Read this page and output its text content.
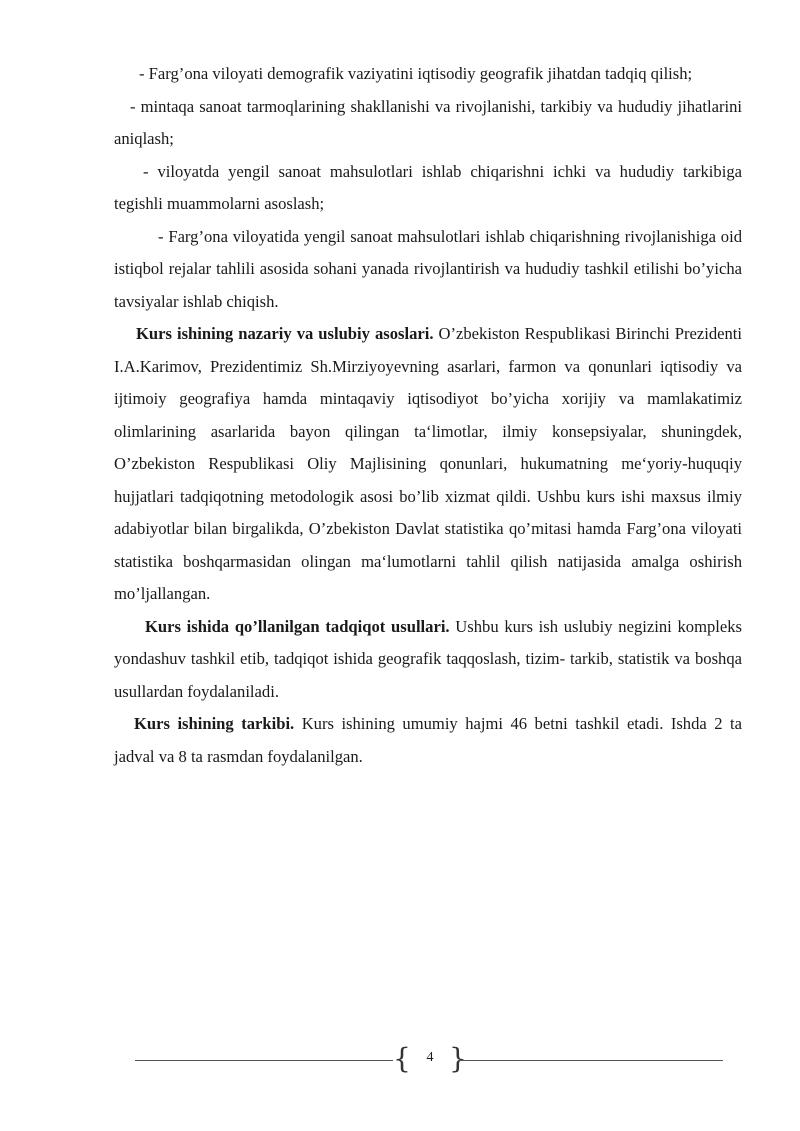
- Farg’ona viloyati demografik vaziyatini iqtisodiy geografik jihatdan tadqiq qilish;

- mintaqa sanoat tarmoqlarining shakllanishi va rivojlanishi, tarkibiy va hududiy jihatlarini aniqlash;

- viloyatda yengil sanoat mahsulotlari ishlab chiqarishni ichki va hududiy tarkibiga tegishli muammolarni asoslash;

- Farg’ona viloyatida yengil sanoat mahsulotlari ishlab chiqarishning rivojlanishiga oid istiqbol rejalar tahlili asosida sohani yanada rivojlantirish va hududiy tashkil etilishi bo’yicha tavsiyalar ishlab chiqish.

Kurs ishining nazariy va uslubiy asoslari. O’zbekiston Respublikasi Birinchi Prezidenti I.A.Karimov, Prezidentimiz Sh.Mirziyoyevning asarlari, farmon va qonunlari iqtisodiy va ijtimoiy geografiya hamda mintaqaviy iqtisodiyot bo’yicha xorijiy va mamlakatimiz olimlarining asarlarida bayon qilingan ta‘limotlar, ilmiy konsepsiyalar, shuningdek, O’zbekiston Respublikasi Oliy Majlisining qonunlari, hukumatning me‘yoriy-huquqiy hujjatlari tadqiqotning metodologik asosi bo’lib xizmat qildi. Ushbu kurs ishi maxsus ilmiy adabiyotlar bilan birgalikda, O’zbekiston Davlat statistika qo’mitasi hamda Farg’ona viloyati statistika boshqarmasidan olingan ma‘lumotlarni tahlil qilish natijasida amalga oshirish mo’ljallangan.

Kurs ishida qo’llanilgan tadqiqot usullari. Ushbu kurs ish uslubiy negizini kompleks yondashuv tashkil etib, tadqiqot ishida geografik taqqoslash, tizim- tarkib, statistik va boshqa usullardan foydalaniladi.

Kurs ishining tarkibi. Kurs ishining umumiy hajmi 46 betni tashkil etadi. Ishda 2 ta jadval va 8 ta rasmdan foydalanilgan.

{	4 }
